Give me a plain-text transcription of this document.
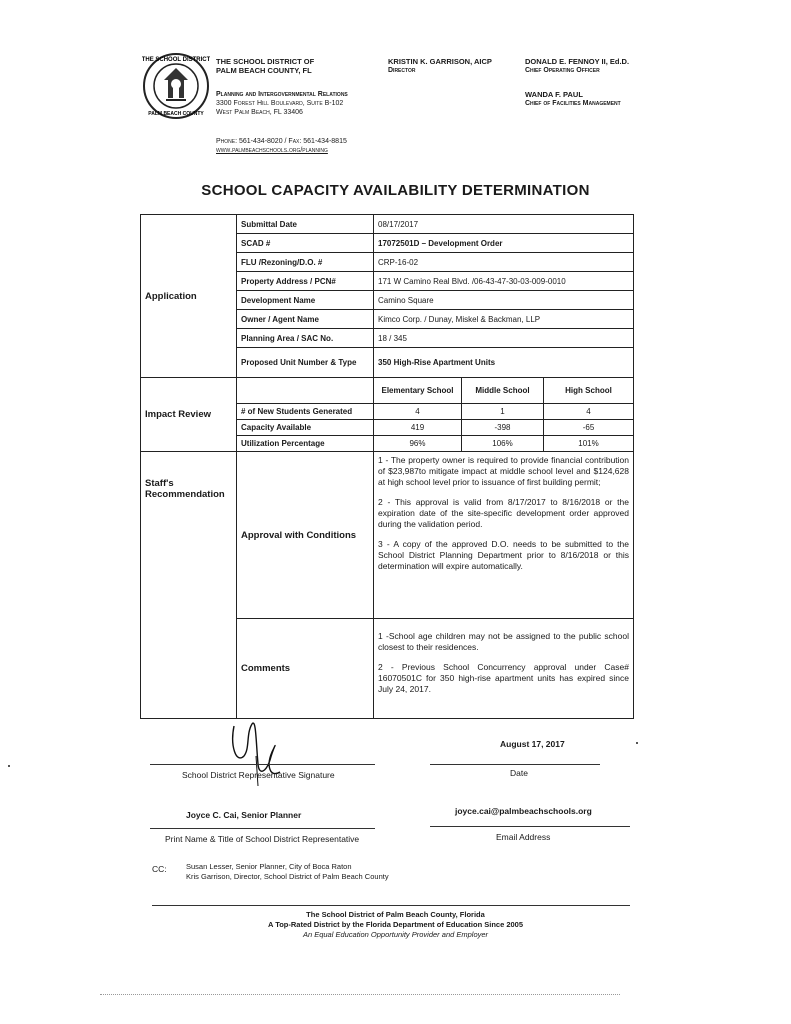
THE SCHOOL DISTRICT
PALM BEACH COUNTY
THE SCHOOL DISTRICT OF
PALM BEACH COUNTY, FL
Planning and Intergovernmental Relations
3300 Forest Hill Boulevard, Suite B-102
West Palm Beach, FL 33406
Phone: 561-434-8020 / Fax: 561-434-8815
www.palmbeachschools.org/planning
KRISTIN K. GARRISON, AICP
Director
DONALD E. FENNOY II, Ed.D.
Chief Operating Officer
WANDA F. PAUL
Chief of Facilities Management
SCHOOL CAPACITY AVAILABILITY DETERMINATION
Application	Submittal Date	08/17/2017		
	SCAD #	17072501D – Development Order		
	FLU /Rezoning/D.O. #	CRP-16-02		
	Property Address / PCN#	171 W Camino Real Blvd. /06-43-47-30-03-009-0010		
	Development Name	Camino Square		
	Owner / Agent Name	Kimco Corp. / Dunay, Miskel & Backman, LLP		
	Planning Area / SAC No.	18 / 345		
	Proposed Unit Number & Type	350 High-Rise Apartment Units		
Impact Review		Elementary School	Middle School	High School
	# of New Students Generated	4	1	4
	Capacity Available	419	-398	-65
	Utilization Percentage	96%	106%	101%
Staff's Recommendation	Approval with Conditions	1 - The property owner is required to provide financial contribution of $23,987to mitigate impact at middle school level and $124,628 at high school level prior to issuance of first building permit;

2 - This approval is valid from 8/17/2017 to 8/16/2018 or the expiration date of the site-specific development order approved during the validation period.

3 - A copy of the approved D.O. needs to be submitted to the School District Planning Department prior to 8/16/2018 or this determination will expire automatically.		

	Comments	1 -School age children may not be assigned to the public school closest to their residences.

2 - Previous School Concurrency approval under Case# 16070501C for 350 high-rise apartment units has expired since July 24, 2017.		

August 17, 2017
School District Representative Signature	Date
Joyce C. Cai, Senior Planner	joyce.cai@palmbeachschools.org
Print Name & Title of School District Representative	Email Address
CC:	Susan Lesser, Senior Planner, City of Boca Raton
Kris Garrison, Director, School District of Palm Beach County
The School District of Palm Beach County, Florida
A Top-Rated District by the Florida Department of Education Since 2005
An Equal Education Opportunity Provider and Employer
